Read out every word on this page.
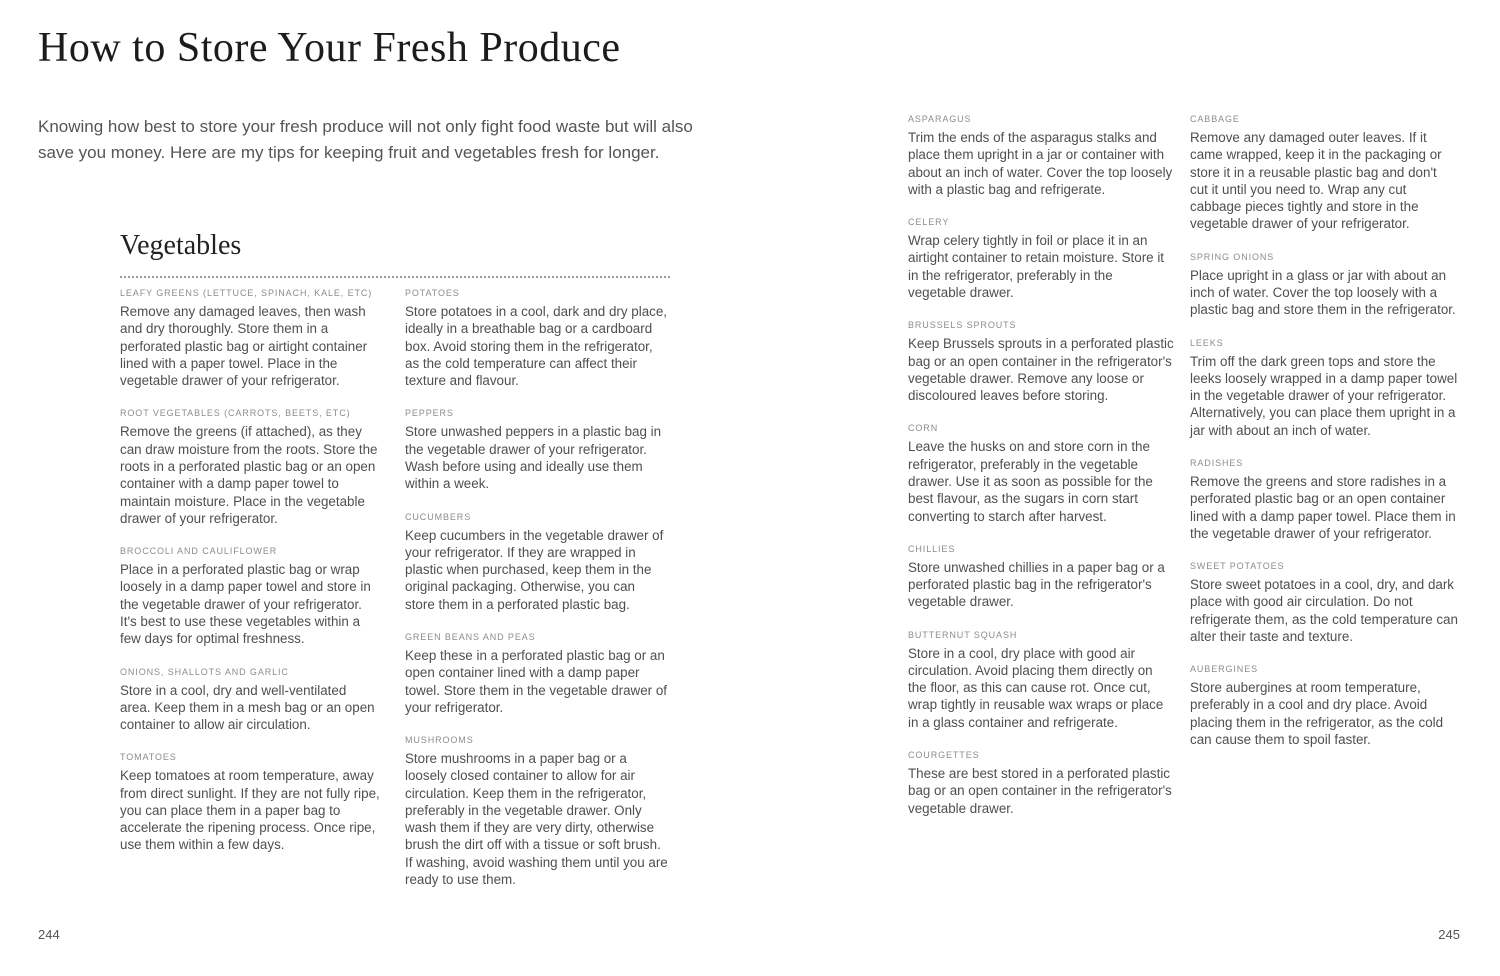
How to Store Your Fresh Produce

Knowing how best to store your fresh produce will not only fight food waste but will also save you money. Here are my tips for keeping fruit and vegetables fresh for longer.

Vegetables
LEAFY GREENS (LETTUCE, SPINACH, KALE, ETC)
Remove any damaged leaves, then wash and dry thoroughly. Store them in a perforated plastic bag or airtight container lined with a paper towel. Place in the vegetable drawer of your refrigerator.
ROOT VEGETABLES (CARROTS, BEETS, ETC)
Remove the greens (if attached), as they can draw moisture from the roots. Store the roots in a perforated plastic bag or an open container with a damp paper towel to maintain moisture. Place in the vegetable drawer of your refrigerator.
BROCCOLI AND CAULIFLOWER
Place in a perforated plastic bag or wrap loosely in a damp paper towel and store in the vegetable drawer of your refrigerator. It's best to use these vegetables within a few days for optimal freshness.
ONIONS, SHALLOTS AND GARLIC
Store in a cool, dry and well-ventilated area. Keep them in a mesh bag or an open container to allow air circulation.
TOMATOES
Keep tomatoes at room temperature, away from direct sunlight. If they are not fully ripe, you can place them in a paper bag to accelerate the ripening process. Once ripe, use them within a few days.
POTATOES
Store potatoes in a cool, dark and dry place, ideally in a breathable bag or a cardboard box. Avoid storing them in the refrigerator, as the cold temperature can affect their texture and flavour.
PEPPERS
Store unwashed peppers in a plastic bag in the vegetable drawer of your refrigerator. Wash before using and ideally use them within a week.
CUCUMBERS
Keep cucumbers in the vegetable drawer of your refrigerator. If they are wrapped in plastic when purchased, keep them in the original packaging. Otherwise, you can store them in a perforated plastic bag.
GREEN BEANS AND PEAS
Keep these in a perforated plastic bag or an open container lined with a damp paper towel. Store them in the vegetable drawer of your refrigerator.
MUSHROOMS
Store mushrooms in a paper bag or a loosely closed container to allow for air circulation. Keep them in the refrigerator, preferably in the vegetable drawer. Only wash them if they are very dirty, otherwise brush the dirt off with a tissue or soft brush. If washing, avoid washing them until you are ready to use them.
ASPARAGUS
Trim the ends of the asparagus stalks and place them upright in a jar or container with about an inch of water. Cover the top loosely with a plastic bag and refrigerate.
CELERY
Wrap celery tightly in foil or place it in an airtight container to retain moisture. Store it in the refrigerator, preferably in the vegetable drawer.
BRUSSELS SPROUTS
Keep Brussels sprouts in a perforated plastic bag or an open container in the refrigerator's vegetable drawer. Remove any loose or discoloured leaves before storing.
CORN
Leave the husks on and store corn in the refrigerator, preferably in the vegetable drawer. Use it as soon as possible for the best flavour, as the sugars in corn start converting to starch after harvest.
CHILLIES
Store unwashed chillies in a paper bag or a perforated plastic bag in the refrigerator's vegetable drawer.
BUTTERNUT SQUASH
Store in a cool, dry place with good air circulation. Avoid placing them directly on the floor, as this can cause rot. Once cut, wrap tightly in reusable wax wraps or place in a glass container and refrigerate.
COURGETTES
These are best stored in a perforated plastic bag or an open container in the refrigerator's vegetable drawer.
CABBAGE
Remove any damaged outer leaves. If it came wrapped, keep it in the packaging or store it in a reusable plastic bag and don't cut it until you need to. Wrap any cut cabbage pieces tightly and store in the vegetable drawer of your refrigerator.
SPRING ONIONS
Place upright in a glass or jar with about an inch of water. Cover the top loosely with a plastic bag and store them in the refrigerator.
LEEKS
Trim off the dark green tops and store the leeks loosely wrapped in a damp paper towel in the vegetable drawer of your refrigerator. Alternatively, you can place them upright in a jar with about an inch of water.
RADISHES
Remove the greens and store radishes in a perforated plastic bag or an open container lined with a damp paper towel. Place them in the vegetable drawer of your refrigerator.
SWEET POTATOES
Store sweet potatoes in a cool, dry, and dark place with good air circulation. Do not refrigerate them, as the cold temperature can alter their taste and texture.
AUBERGINES
Store aubergines at room temperature, preferably in a cool and dry place. Avoid placing them in the refrigerator, as the cold can cause them to spoil faster.
244	245
